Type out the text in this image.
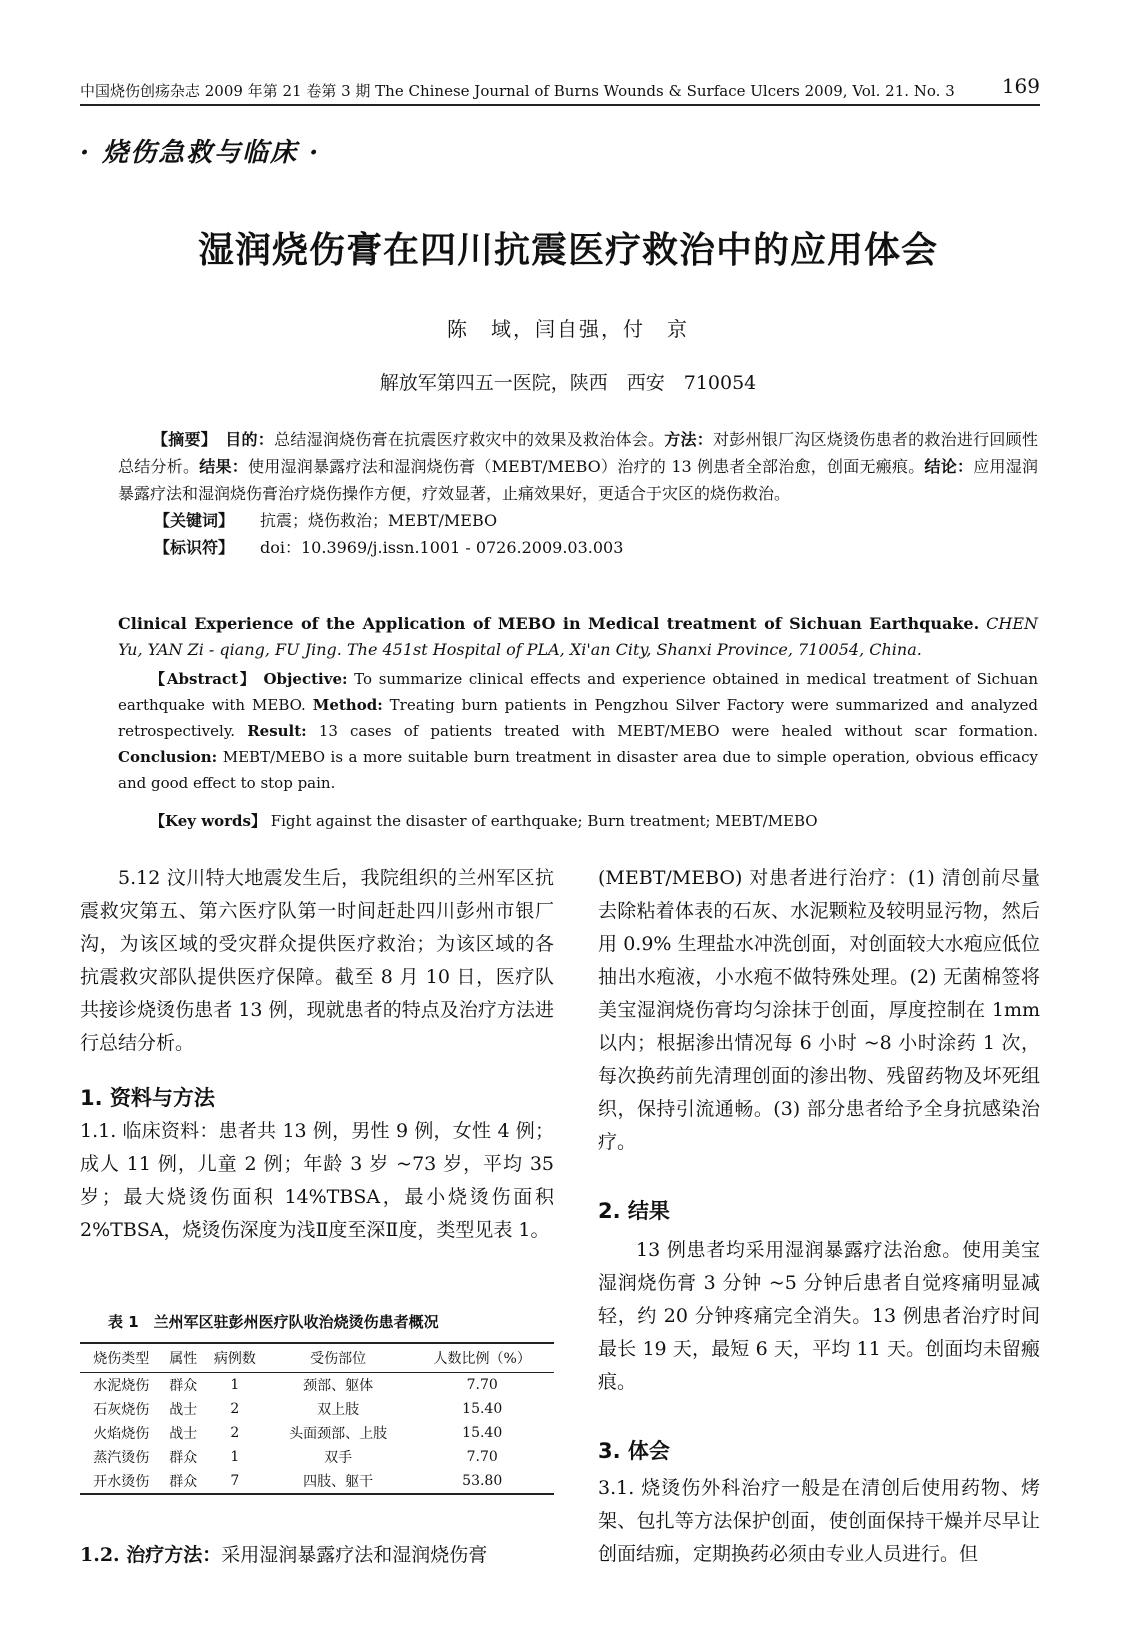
中国烧伤创疡杂志 2009 年第 21 卷第 3 期 The Chinese Journal of Burns Wounds & Surface Ulcers 2009, Vol. 21. No. 3 169
· 烧伤急救与临床 ·
湿润烧伤膏在四川抗震医疗救治中的应用体会
陈　域，闫自强，付　京
解放军第四五一医院，陕西　西安　710054

【摘要】　 目的：总结湿润烧伤膏在抗震医疗救灾中的效果及救治体会。方法：对彭州银厂沟区烧烫伤患者的救治进行回顾性总结分析。结果：使用湿润暴露疗法和湿润烧伤膏（MEBT/MEBO）治疗的 13 例患者全部治愈，创面无瘢痕。结论：应用湿润暴露疗法和湿润烧伤膏治疗烧伤操作方便，疗效显著，止痛效果好，更适合于灾区的烧伤救治。

【关键词】 抗震；烧伤救治；MEBT/MEBO

【标识符】 doi：10.3969/j.issn.1001 - 0726.2009.03.003

Clinical Experience of the Application of MEBO in Medical treatment of Sichuan Earthquake. CHEN Yu, YAN Zi - qiang, FU Jing. The 451st Hospital of PLA, Xi'an City, Shanxi Province, 710054, China.

【Abstract】 Objective: To summarize clinical effects and experience obtained in medical treatment of Sichuan earthquake with MEBO. Method: Treating burn patients in Pengzhou Silver Factory were summarized and analyzed retrospectively. Result: 13 cases of patients treated with MEBT/MEBO were healed without scar formation. Conclusion: MEBT/MEBO is a more suitable burn treatment in disaster area due to simple operation, obvious efficacy and good effect to stop pain.

【Key words】 Fight against the disaster of earthquake; Burn treatment; MEBT/MEBO

5.12 汶川特大地震发生后，我院组织的兰州军区抗震救灾第五、第六医疗队第一时间赶赴四川彭州市银厂沟，为该区域的受灾群众提供医疗救治；为该区域的各抗震救灾部队提供医疗保障。截至 8 月 10 日，医疗队共接诊烧烫伤患者 13 例，现就患者的特点及治疗方法进行总结分析。

1. 资料与方法

1.1. 临床资料：患者共 13 例，男性 9 例，女性 4 例；成人 11 例，儿童 2 例；年龄 3 岁 ~73 岁，平均 35 岁；最大烧烫伤面积 14%TBSA，最小烧烫伤面积 2%TBSA，烧烫伤深度为浅Ⅱ度至深Ⅱ度，类型见表 1。

表 1　兰州军区驻彭州医疗队收治烧烫伤患者概况
烧伤类型	属性	病例数	受伤部位	人数比例（%）
水泥烧伤	群众	1	颈部、躯体	7.70
石灰烧伤	战士	2	双上肢	15.40
火焰烧伤	战士	2	头面颈部、上肢	15.40
蒸汽烫伤	群众	1	双手	7.70
开水烫伤	群众	7	四肢、躯干	53.80
1.2. 治疗方法：采用湿润暴露疗法和湿润烧伤膏

(MEBT/MEBO) 对患者进行治疗：(1) 清创前尽量去除粘着体表的石灰、水泥颗粒及较明显污物，然后用 0.9% 生理盐水冲洗创面，对创面较大水疱应低位抽出水疱液，小水疱不做特殊处理。(2) 无菌棉签将美宝湿润烧伤膏均匀涂抹于创面，厚度控制在 1mm 以内；根据渗出情况每 6 小时 ~8 小时涂药 1 次，每次换药前先清理创面的渗出物、残留药物及坏死组织，保持引流通畅。(3) 部分患者给予全身抗感染治疗。

2. 结果

13 例患者均采用湿润暴露疗法治愈。使用美宝湿润烧伤膏 3 分钟 ~5 分钟后患者自觉疼痛明显减轻，约 20 分钟疼痛完全消失。13 例患者治疗时间最长 19 天，最短 6 天，平均 11 天。创面均未留瘢痕。

3. 体会

3.1. 烧烫伤外科治疗一般是在清创后使用药物、烤架、包扎等方法保护创面，使创面保持干燥并尽早让创面结痂，定期换药必须由专业人员进行。但
